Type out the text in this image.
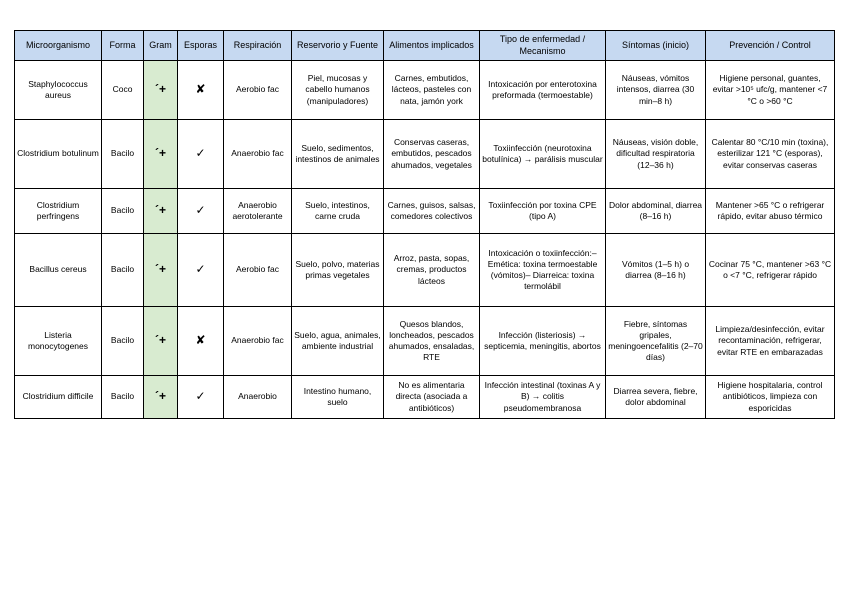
Microorganismo	Forma	Gram	Esporas	Respiración	Reservorio y Fuente	Alimentos implicados	Tipo de enfermedad / Mecanismo	Síntomas (inicio)	Prevención / Control
Staphylococcus aureus	Coco	´+	✘	Aerobio fac	Piel, mucosas y cabello humanos (manipuladores)	Carnes, embutidos, lácteos, pasteles con nata, jamón york	Intoxicación por enterotoxina preformada (termoestable)	Náuseas, vómitos intensos, diarrea (30 min–8 h)	Higiene personal, guantes, evitar >10⁵ ufc/g, mantener <7 °C o >60 °C
Clostridium botulinum	Bacilo	´+	✓	Anaerobio fac	Suelo, sedimentos, intestinos de animales	Conservas caseras, embutidos, pescados ahumados, vegetales	Toxiinfección (neurotoxina botulínica) → parálisis muscular	Náuseas, visión doble, dificultad respiratoria (12–36 h)	Calentar 80 °C/10 min (toxina), esterilizar 121 °C (esporas), evitar conservas caseras
Clostridium perfringens	Bacilo	´+	✓	Anaerobio aerotolerante	Suelo, intestinos, carne cruda	Carnes, guisos, salsas, comedores colectivos	Toxiinfección por toxina CPE (tipo A)	Dolor abdominal, diarrea (8–16 h)	Mantener >65 °C o refrigerar rápido, evitar abuso térmico
Bacillus cereus	Bacilo	´+	✓	Aerobio fac	Suelo, polvo, materias primas vegetales	Arroz, pasta, sopas, cremas, productos lácteos	Intoxicación o toxiinfección:– Emética: toxina termoestable (vómitos)– Diarreica: toxina termolábil	Vómitos (1–5 h) o diarrea (8–16 h)	Cocinar 75 °C, mantener >63 °C o <7 °C, refrigerar rápido
Listeria monocytogenes	Bacilo	´+	✘	Anaerobio fac	Suelo, agua, animales, ambiente industrial	Quesos blandos, loncheados, pescados ahumados, ensaladas, RTE	Infección (listeriosis) → septicemia, meningitis, abortos	Fiebre, síntomas gripales, meningoencefalitis (2–70 días)	Limpieza/desinfección, evitar recontaminación, refrigerar, evitar RTE en embarazadas
Clostridium difficile	Bacilo	´+	✓	Anaerobio	Intestino humano, suelo	No es alimentaria directa (asociada a antibióticos)	Infección intestinal (toxinas A y B) → colitis pseudomembranosa	Diarrea severa, fiebre, dolor abdominal	Higiene hospitalaria, control antibióticos, limpieza con esporicidas
